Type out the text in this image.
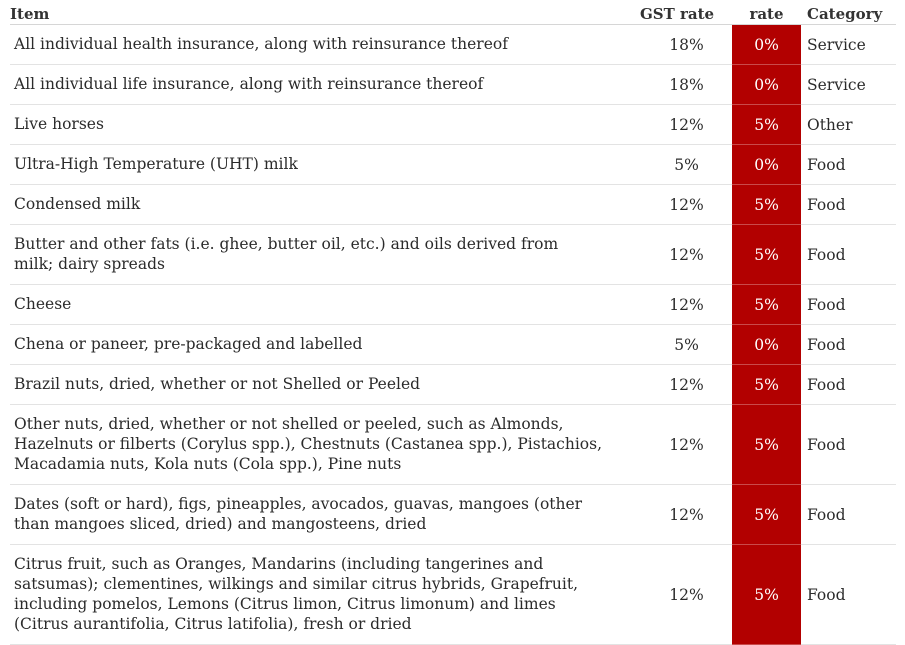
Item	GST rate	rate	Category
All individual health insurance, along with reinsurance thereof	18%	0%	Service
All individual life insurance, along with reinsurance thereof	18%	0%	Service
Live horses	12%	5%	Other
Ultra-High Temperature (UHT) milk	5%	0%	Food
Condensed milk	12%	5%	Food
Butter and other fats (i.e. ghee, butter oil, etc.) and oils derived from milk; dairy spreads	12%	5%	Food
Cheese	12%	5%	Food
Chena or paneer, pre-packaged and labelled	5%	0%	Food
Brazil nuts, dried, whether or not Shelled or Peeled	12%	5%	Food
Other nuts, dried, whether or not shelled or peeled, such as Almonds, Hazelnuts or filberts (Corylus spp.), Chestnuts (Castanea spp.), Pistachios, Macadamia nuts, Kola nuts (Cola spp.), Pine nuts	12%	5%	Food
Dates (soft or hard), figs, pineapples, avocados, guavas, mangoes (other than mangoes sliced, dried) and mangosteens, dried	12%	5%	Food
Citrus fruit, such as Oranges, Mandarins (including tangerines and satsumas); clementines, wilkings and similar citrus hybrids, Grapefruit, including pomelos, Lemons (Citrus limon, Citrus limonum) and limes (Citrus aurantifolia, Citrus latifolia), fresh or dried	12%	5%	Food
